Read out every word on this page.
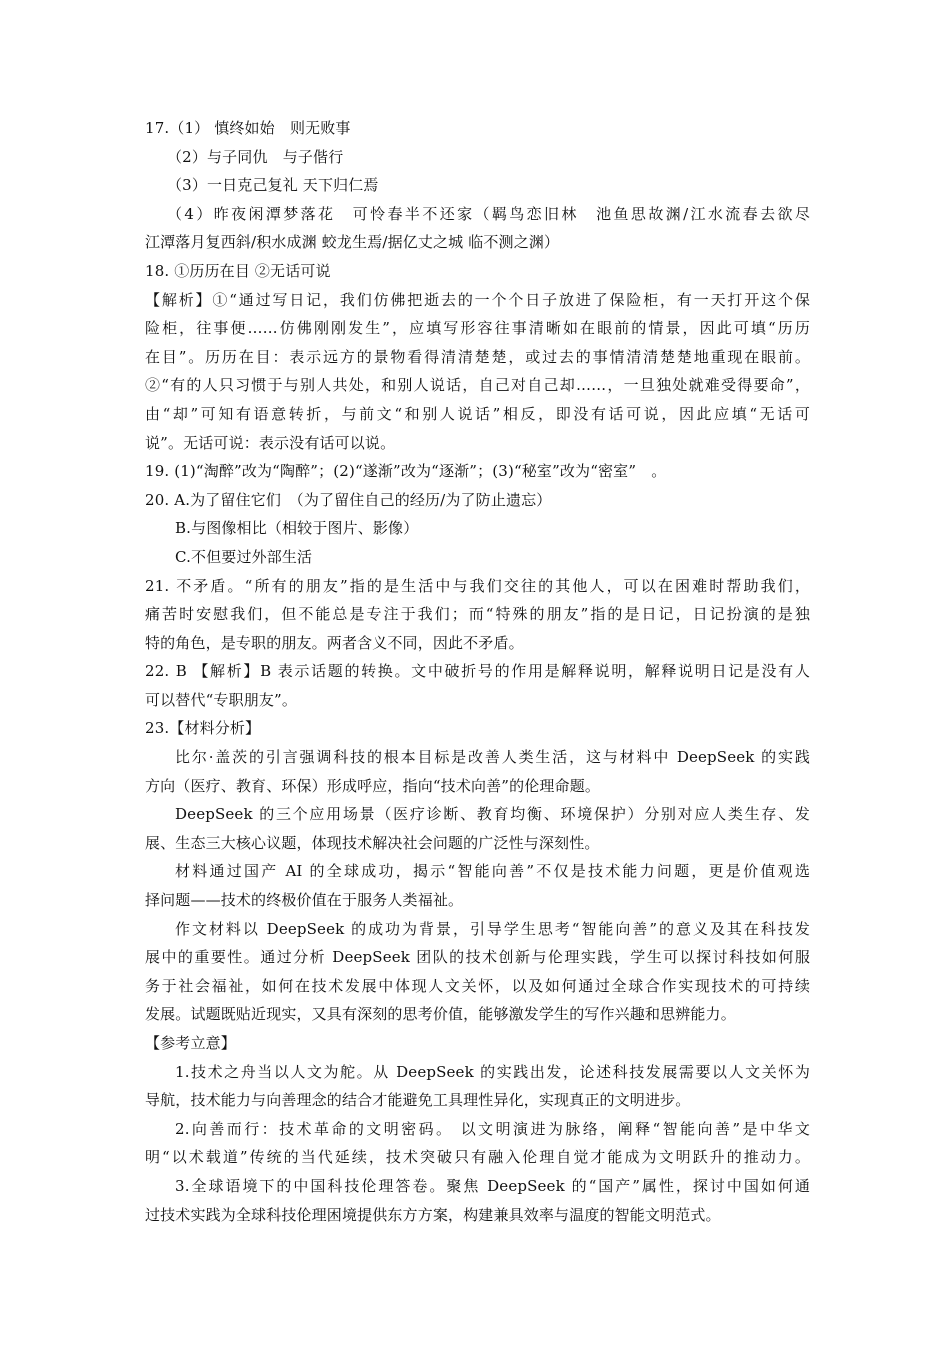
17.（1） 慎终如始　则无败事
（2）与子同仇　与子偕行
（3）一日克己复礼 天下归仁焉
（4）昨夜闲潭梦落花　可怜春半不还家（羁鸟恋旧林　池鱼思故渊/江水流春去欲尽
江潭落月复西斜/积水成渊 蛟龙生焉/据亿丈之城 临不测之渊）
18. ①历历在目 ②无话可说
【解析】①“通过写日记，我们仿佛把逝去的一个个日子放进了保险柜，有一天打开这个保
险柜，往事便……仿佛刚刚发生”，应填写形容往事清晰如在眼前的情景，因此可填“历历
在目”。历历在目：表示远方的景物看得清清楚楚，或过去的事情清清楚楚地重现在眼前。
②“有的人只习惯于与别人共处，和别人说话，自己对自己却……，一旦独处就难受得要命”，
由“却”可知有语意转折，与前文“和别人说话”相反，即没有话可说，因此应填“无话可
说”。无话可说：表示没有话可以说。
19. (1)“淘醉”改为“陶醉”；(2)“遂渐”改为“逐渐”；(3)“秘室”改为“密室”　。
20. A.为了留住它们　（为了留住自己的经历/为了防止遗忘）
B.与图像相比（相较于图片、影像）
C.不但要过外部生活
21. 不矛盾。“所有的朋友”指的是生活中与我们交往的其他人，可以在困难时帮助我们，
痛苦时安慰我们，但不能总是专注于我们；而“特殊的朋友”指的是日记，日记扮演的是独
特的角色，是专职的朋友。两者含义不同，因此不矛盾。
22. B 【解析】B 表示话题的转换。文中破折号的作用是解释说明，解释说明日记是没有人
可以替代“专职朋友”。
23.【材料分析】
比尔·盖茨的引言强调科技的根本目标是改善人类生活，这与材料中 DeepSeek 的实践
方向（医疗、教育、环保）形成呼应，指向“技术向善”的伦理命题。
DeepSeek 的三个应用场景（医疗诊断、教育均衡、环境保护）分别对应人类生存、发
展、生态三大核心议题，体现技术解决社会问题的广泛性与深刻性。
材料通过国产 AI 的全球成功，揭示“智能向善”不仅是技术能力问题，更是价值观选
择问题——技术的终极价值在于服务人类福祉。
作文材料以 DeepSeek 的成功为背景，引导学生思考“智能向善”的意义及其在科技发
展中的重要性。通过分析 DeepSeek 团队的技术创新与伦理实践，学生可以探讨科技如何服
务于社会福祉，如何在技术发展中体现人文关怀，以及如何通过全球合作实现技术的可持续
发展。试题既贴近现实，又具有深刻的思考价值，能够激发学生的写作兴趣和思辨能力。
【参考立意】
1.技术之舟当以人文为舵。从 DeepSeek 的实践出发，论述科技发展需要以人文关怀为
导航，技术能力与向善理念的结合才能避免工具理性异化，实现真正的文明进步。
2.向善而行：技术革命的文明密码。 以文明演进为脉络，阐释“智能向善”是中华文
明“以术载道”传统的当代延续，技术突破只有融入伦理自觉才能成为文明跃升的推动力。
3.全球语境下的中国科技伦理答卷。聚焦 DeepSeek 的“国产”属性，探讨中国如何通
过技术实践为全球科技伦理困境提供东方方案，构建兼具效率与温度的智能文明范式。
